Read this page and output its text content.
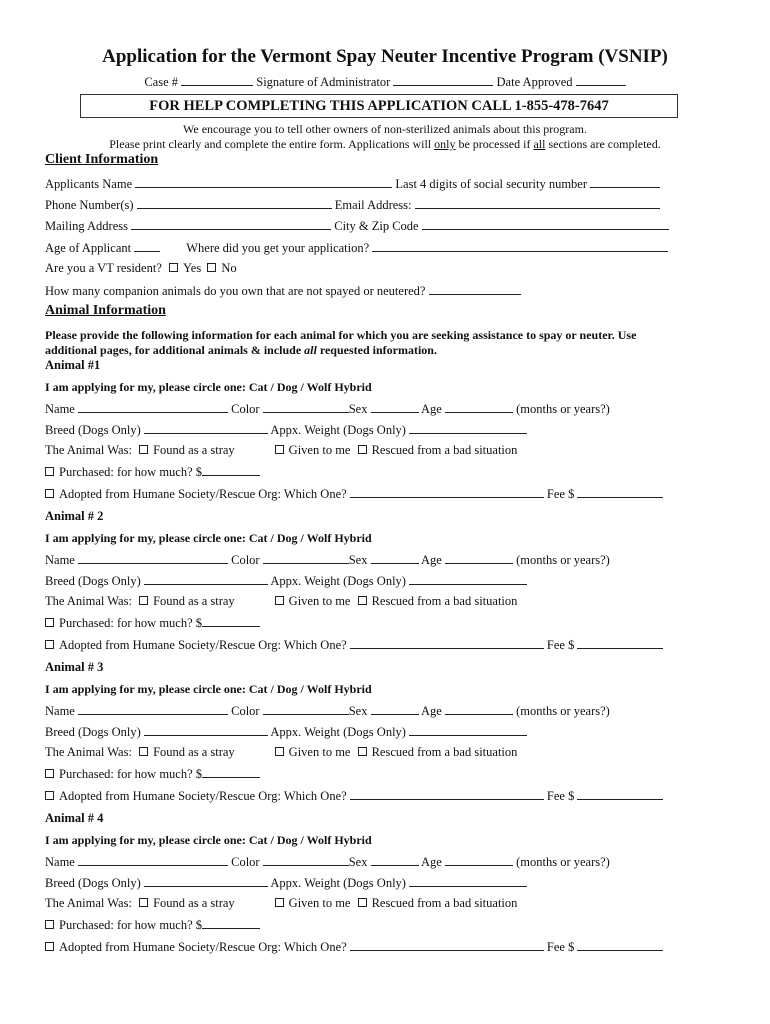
Application for the Vermont Spay Neuter Incentive Program (VSNIP)
Case #	Signature of Administrator	Date Approved
FOR HELP COMPLETING THIS APPLICATION CALL 1-855-478-7647
We encourage you to tell other owners of non-sterilized animals about this program.
Please print clearly and complete the entire form. Applications will only be processed if all sections are completed.
Client Information
Applicants Name	Last 4 digits of social security number
Phone Number(s)	Email Address:
Mailing Address	City & Zip Code
Age of Applicant	Where did you get your application?
Are you a VT resident? Yes No
How many companion animals do you own that are not spayed or neutered?
Animal Information
Please provide the following information for each animal for which you are seeking assistance to spay or neuter. Use
additional pages, for additional animals & include all requested information.
Animal #1
I am applying for my, please circle one: Cat / Dog / Wolf Hybrid
Name	Color	Sex	Age	(months or years?)
Breed (Dogs Only)	Appx. Weight (Dogs Only)
The Animal Was: Found as a stray	Given to me Rescued from a bad situation
Purchased: for how much? $
Adopted from Humane Society/Rescue Org: Which One?	Fee $
Animal # 2
I am applying for my, please circle one: Cat / Dog / Wolf Hybrid
Name	Color	Sex	Age	(months or years?)
Breed (Dogs Only)	Appx. Weight (Dogs Only)
The Animal Was: Found as a stray	Given to me Rescued from a bad situation
Purchased: for how much? $
Adopted from Humane Society/Rescue Org: Which One?	Fee $
Animal # 3
I am applying for my, please circle one: Cat / Dog / Wolf Hybrid
Name	Color	Sex	Age	(months or years?)
Breed (Dogs Only)	Appx. Weight (Dogs Only)
The Animal Was: Found as a stray	Given to me Rescued from a bad situation
Purchased: for how much? $
Adopted from Humane Society/Rescue Org: Which One?	Fee $
Animal # 4
I am applying for my, please circle one: Cat / Dog / Wolf Hybrid
Name	Color	Sex	Age	(months or years?)
Breed (Dogs Only)	Appx. Weight (Dogs Only)
The Animal Was: Found as a stray	Given to me Rescued from a bad situation
Purchased: for how much? $
Adopted from Humane Society/Rescue Org: Which One?	Fee $
